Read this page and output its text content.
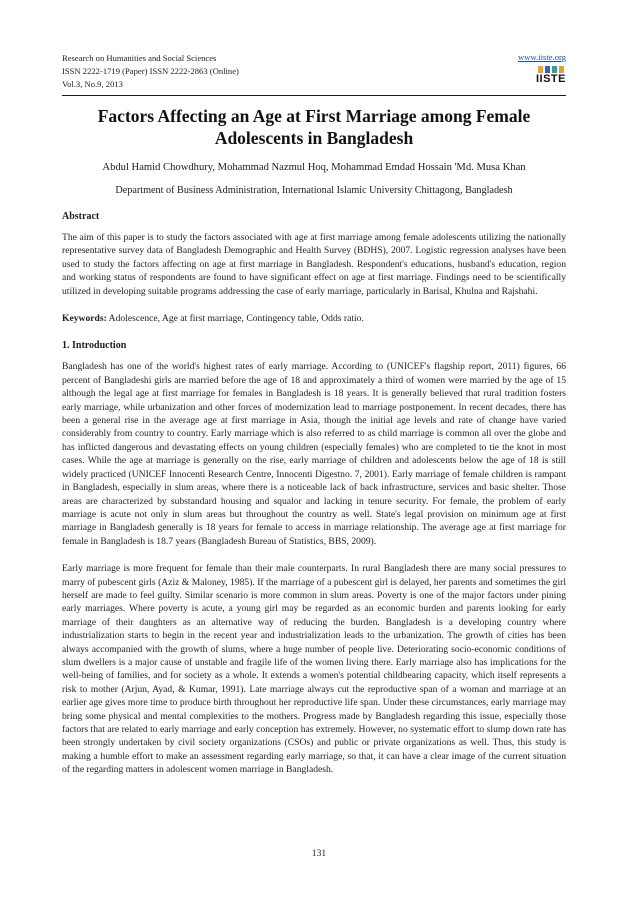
Research on Humanities and Social Sciences
ISSN 2222-1719 (Paper) ISSN 2222-2863 (Online)
Vol.3, No.9, 2013
www.iiste.org
IISTE
Factors Affecting an Age at First Marriage among Female Adolescents in Bangladesh
Abdul Hamid Chowdhury, Mohammad Nazmul Hoq, Mohammad Emdad Hossain 'Md. Musa Khan
Department of Business Administration, International Islamic University Chittagong, Bangladesh
Abstract
The aim of this paper is to study the factors associated with age at first marriage among female adolescents utilizing the nationally representative survey data of Bangladesh Demographic and Health Survey (BDHS), 2007. Logistic regression analyses have been used to study the factors affecting on age at first marriage in Bangladesh. Respondent's educations, husband's education, region and working status of respondents are found to have significant effect on age at first marriage. Findings need to be scientifically utilized in developing suitable programs addressing the case of early marriage, particularly in Barisal, Khulna and Rajshahi.
Keywords: Adolescence, Age at first marriage, Contingency table, Odds ratio.
1. Introduction
Bangladesh has one of the world's highest rates of early marriage. According to (UNICEF's flagship report, 2011) figures, 66 percent of Bangladeshi girls are married before the age of 18 and approximately a third of women were married by the age of 15 although the legal age at first marriage for females in Bangladesh is 18 years. It is generally believed that rural tradition fosters early marriage, while urbanization and other forces of modernization lead to marriage postponement. In recent decades, there has been a general rise in the average age at first marriage in Asia, though the initial age levels and rate of change have varied considerably from country to country. Early marriage which is also referred to as child marriage is common all over the globe and has inflicted dangerous and devastating effects on young children (especially females) who are completed to tie the knot in most cases. While the age at marriage is generally on the rise, early marriage of children and adolescents below the age of 18 is still widely practiced (UNICEF Innocenti Research Centre, Innocenti Digestno. 7, 2001). Early marriage of female children is rampant in Bangladesh, especially in slum areas, where there is a noticeable lack of back infrastructure, services and basic shelter. Those areas are characterized by substandard housing and squalor and lacking in tenure security. For female, the problem of early marriage is acute not only in slum areas but throughout the country as well. State's legal provision on minimum age at first marriage in Bangladesh generally is 18 years for female to access in marriage relationship. The average age at first marriage for female in Bangladesh is 18.7 years (Bangladesh Bureau of Statistics, BBS, 2009).
Early marriage is more frequent for female than their male counterparts. In rural Bangladesh there are many social pressures to marry of pubescent girls (Aziz & Maloney, 1985). If the marriage of a pubescent girl is delayed, her parents and sometimes the girl herself are made to feel guilty. Similar scenario is more common in slum areas. Poverty is one of the major factors under pining early marriages. Where poverty is acute, a young girl may be regarded as an economic burden and parents looking for early marriage of their daughters as an alternative way of reducing the burden. Bangladesh is a developing country where industrialization starts to begin in the recent year and industrialization leads to the urbanization. The growth of cities has been always accompanied with the growth of slums, where a huge number of people live. Deteriorating socio-economic conditions of slum dwellers is a major cause of unstable and fragile life of the women living there. Early marriage also has implications for the well-being of families, and for society as a whole. It extends a women's potential childbearing capacity, which itself represents a risk to mother (Arjun, Ayad, & Kumar, 1991). Late marriage always cut the reproductive span of a woman and marriage at an earlier age gives more time to produce birth throughout her reproductive life span. Under these circumstances, early marriage may bring some physical and mental complexities to the mothers. Progress made by Bangladesh regarding this issue, especially those factors that are related to early marriage and early conception has extremely. However, no systematic effort to slump down rate has been strongly undertaken by civil society organizations (CSOs) and public or private organizations as well. Thus, this study is making a humble effort to make an assessment regarding early marriage, so that, it can have a clear image of the current situation of the regarding matters in adolescent women marriage in Bangladesh.
131
